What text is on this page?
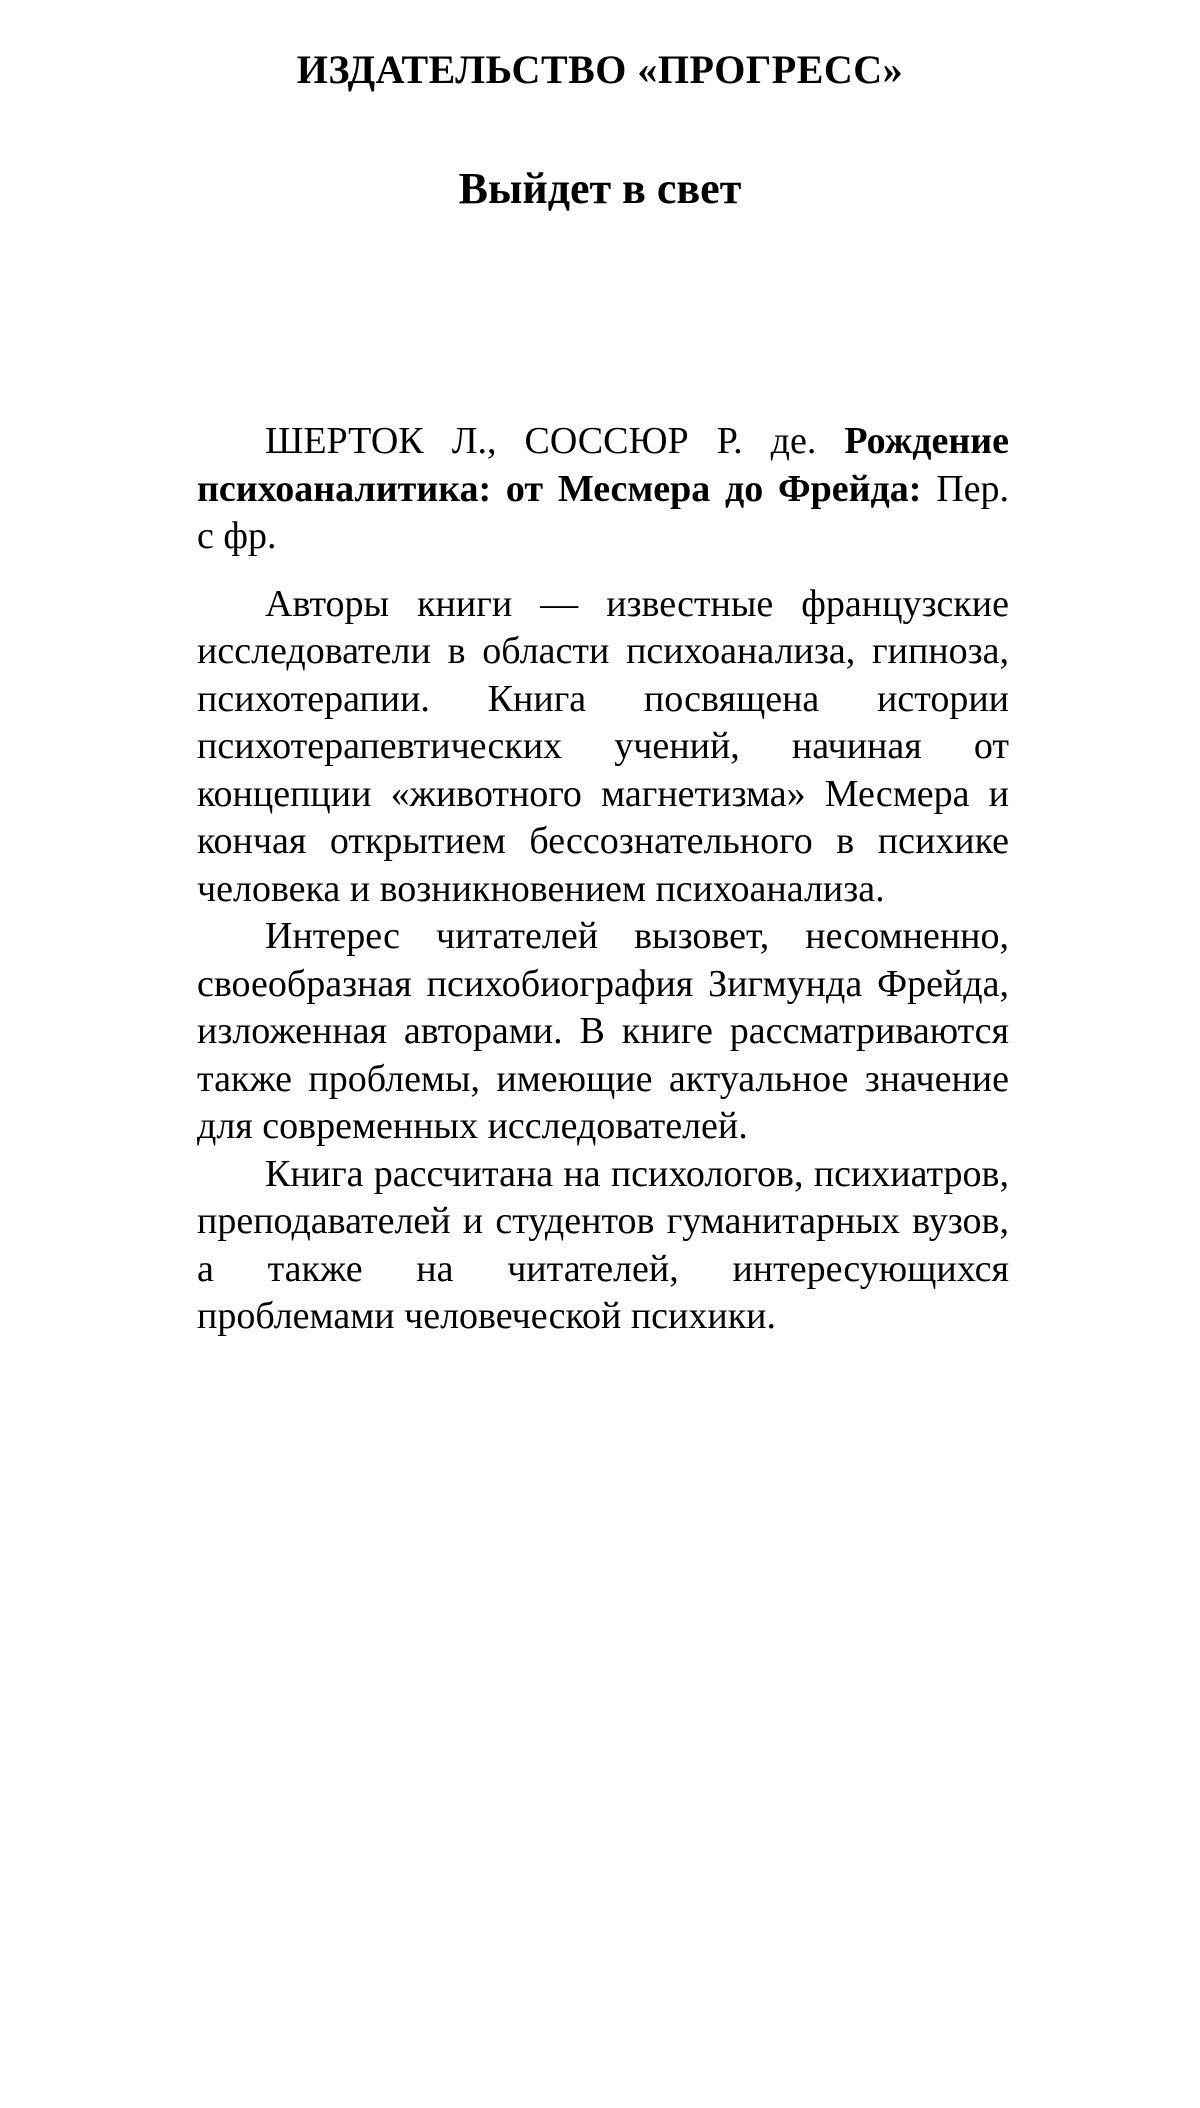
ИЗДАТЕЛЬСТВО «ПРОГРЕСС»
Выйдет в свет

ШЕРТОК Л., СОССЮР Р. де. Рождение психоаналитика: от Месмера до Фрейда: Пер. с фр.

Авторы книги — известные французские исследователи в области психоанализа, гипноза, психотерапии. Книга посвящена истории психотерапевтических учений, начиная от концепции «животного магнетизма» Месмера и кончая открытием бессознательного в психике человека и возникновением психоанализа.

Интерес читателей вызовет, несомненно, своеобразная психобиография Зигмунда Фрейда, изложенная авторами. В книге рассматриваются также проблемы, имеющие актуальное значение для современных исследователей.

Книга рассчитана на психологов, психиатров, преподавателей и студентов гуманитарных вузов, а также на читателей, интересующихся проблемами человеческой психики.
